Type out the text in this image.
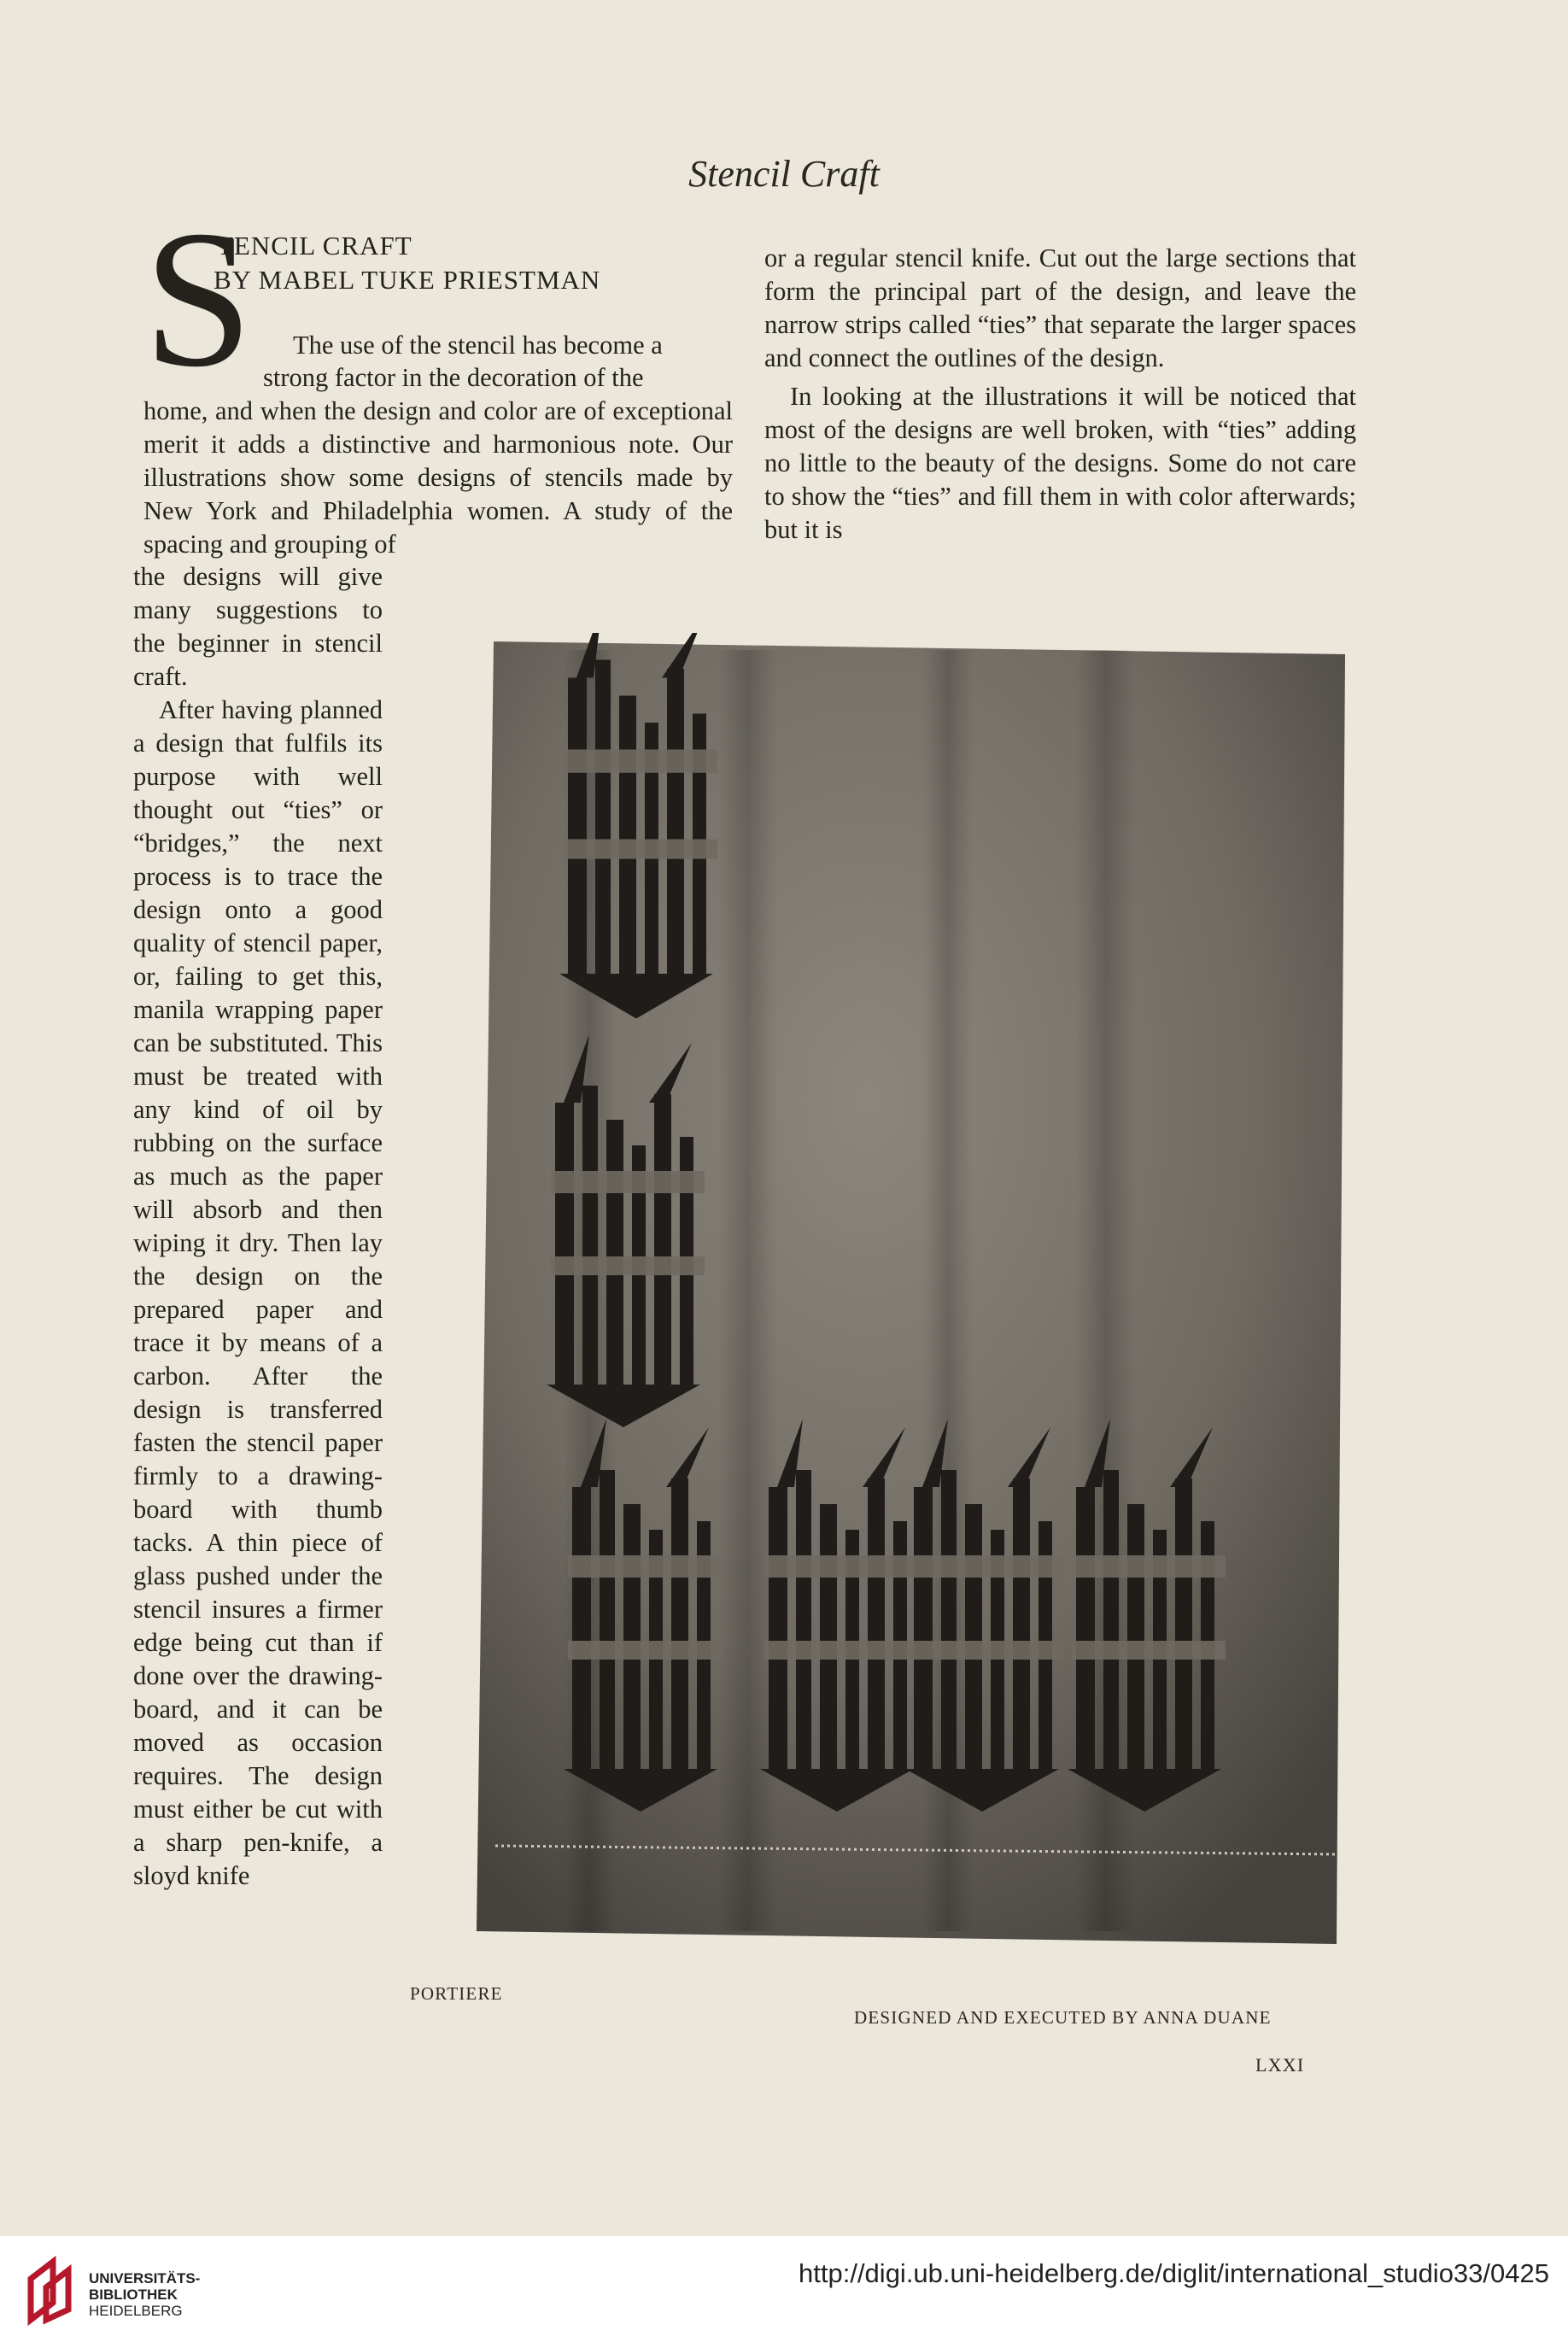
Stencil Craft
S
TENCIL CRAFT
BY MABEL TUKE PRIESTMAN

The use of the stencil has become a

strong factor in the decoration of the

home, and when the design and color are of exceptional merit it adds a distinctive and harmonious note. Our illustrations show some designs of stencils made by New York and Philadelphia women. A study of the spacing and grouping of

the designs will give many suggestions to the beginner in stencil craft.

After having planned a design that fulfils its purpose with well thought out “ties” or “bridges,” the next process is to trace the design onto a good quality of stencil paper, or, failing to get this, manila wrapping paper can be substituted. This must be treated with any kind of oil by rubbing on the surface as much as the paper will absorb and then wiping it dry. Then lay the design on the prepared paper and trace it by means of a carbon. After the design is transferred fasten the stencil paper firmly to a drawing-board with thumb tacks. A thin piece of glass pushed under the stencil insures a firmer edge being cut than if done over the drawing-board, and it can be moved as occasion requires. The design must either be cut with a sharp pen-knife, a sloyd knife

or a regular stencil knife. Cut out the large sections that form the principal part of the design, and leave the narrow strips called “ties” that separate the larger spaces and connect the outlines of the design.

In looking at the illustrations it will be noticed that most of the designs are well broken, with “ties” adding no little to the beauty of the designs. Some do not care to show the “ties” and fill them in with color afterwards; but it is

PORTIERE
DESIGNED AND EXECUTED BY ANNA DUANE
LXXI
UNIVERSITÄTS-
BIBLIOTHEK
HEIDELBERG
http://digi.ub.uni-heidelberg.de/diglit/international_studio33/0425
